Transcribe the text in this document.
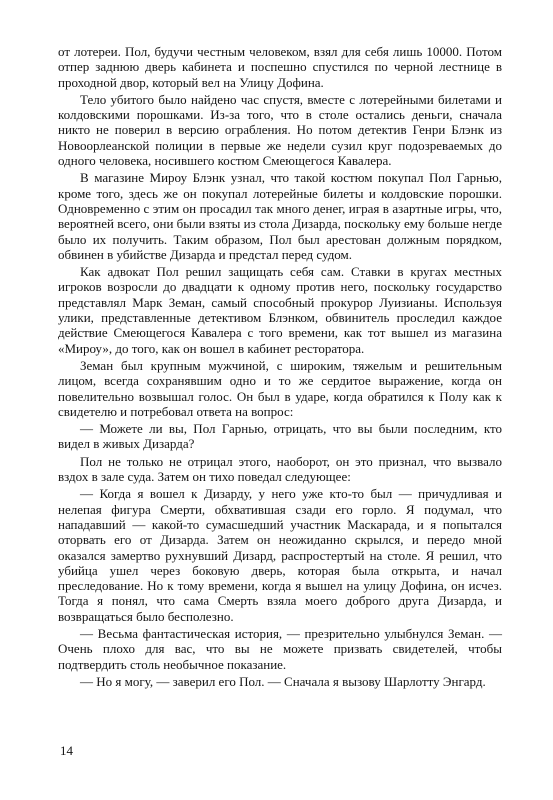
от лотереи. Пол, будучи честным человеком, взял для себя лишь 10000. Потом отпер заднюю дверь кабинета и поспешно спустился по черной лестнице в проходной двор, который вел на Улицу Дофина.

Тело убитого было найдено час спустя, вместе с лотерейными билетами и колдовскими порошками. Из-за того, что в столе остались деньги, сначала никто не поверил в версию ограбления. Но потом детектив Генри Блэнк из Новоорлеанской полиции в первые же недели сузил круг подозреваемых до одного человека, носившего костюм Смеющегося Кавалера.

В магазине Мироу Блэнк узнал, что такой костюм покупал Пол Гарнью, кроме того, здесь же он покупал лотерейные билеты и колдовские порошки. Одновременно с этим он просадил так много денег, играя в азартные игры, что, вероятней всего, они были взяты из стола Дизарда, поскольку ему больше негде было их получить. Таким образом, Пол был арестован должным порядком, обвинен в убийстве Дизарда и предстал перед судом.

Как адвокат Пол решил защищать себя сам. Ставки в кругах местных игроков возросли до двадцати к одному против него, поскольку государство представлял Марк Земан, самый способный прокурор Луизианы. Используя улики, представленные детективом Блэнком, обвинитель проследил каждое действие Смеющегося Кавалера с того времени, как тот вышел из магазина «Мироу», до того, как он вошел в кабинет ресторатора.

Земан был крупным мужчиной, с широким, тяжелым и решительным лицом, всегда сохранявшим одно и то же сердитое выражение, когда он повелительно возвышал голос. Он был в ударе, когда обратился к Полу как к свидетелю и потребовал ответа на вопрос:

— Можете ли вы, Пол Гарнью, отрицать, что вы были последним, кто видел в живых Дизарда?

Пол не только не отрицал этого, наоборот, он это признал, что вызвало вздох в зале суда. Затем он тихо поведал следующее:

— Когда я вошел к Дизарду, у него уже кто-то был — причудливая и нелепая фигура Смерти, обхватившая сзади его горло. Я подумал, что нападавший — какой-то сумасшедший участник Маскарада, и я попытался оторвать его от Дизарда. Затем он неожиданно скрылся, и передо мной оказался замертво рухнувший Дизард, распростертый на столе. Я решил, что убийца ушел через боковую дверь, которая была открыта, и начал преследование. Но к тому времени, когда я вышел на улицу Дофина, он исчез. Тогда я понял, что сама Смерть взяла моего доброго друга Дизарда, и возвращаться было бесполезно.

— Весьма фантастическая история, — презрительно улыбнулся Земан. — Очень плохо для вас, что вы не можете призвать свидетелей, чтобы подтвердить столь необычное показание.

— Но я могу, — заверил его Пол. — Сначала я вызову Шарлотту Энгард.

14
